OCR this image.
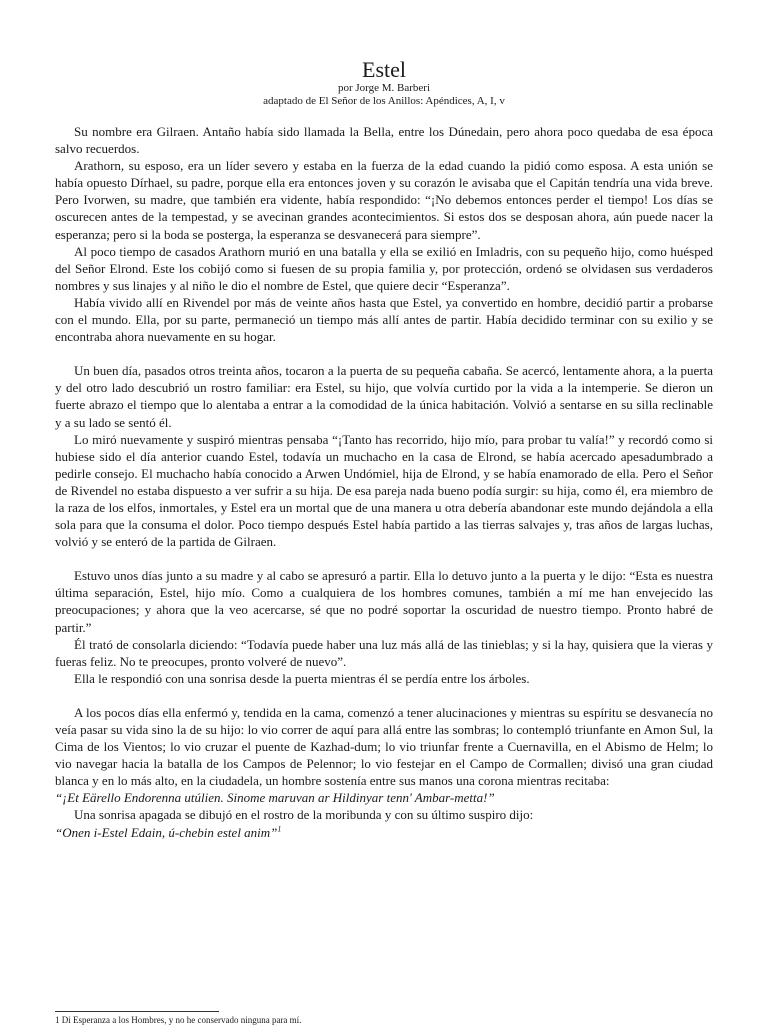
Estel
por Jorge M. Barberi
adaptado de El Señor de los Anillos: Apéndices, A, I, v

Su nombre era Gilraen. Antaño había sido llamada la Bella, entre los Dúnedain, pero ahora poco quedaba de esa época salvo recuerdos.

Arathorn, su esposo, era un líder severo y estaba en la fuerza de la edad cuando la pidió como esposa. A esta unión se había opuesto Dírhael, su padre, porque ella era entonces joven y su corazón le avisaba que el Capitán tendría una vida breve. Pero Ivorwen, su madre, que también era vidente, había respondido: “¡No debemos entonces perder el tiempo! Los días se oscurecen antes de la tempestad, y se avecinan grandes acontecimientos. Si estos dos se desposan ahora, aún puede nacer la esperanza; pero si la boda se posterga, la esperanza se desvanecerá para siempre”.

Al poco tiempo de casados Arathorn murió en una batalla y ella se exilió en Imladris, con su pequeño hijo, como huésped del Señor Elrond. Este los cobijó como si fuesen de su propia familia y, por protección, ordenó se olvidasen sus verdaderos nombres y sus linajes y al niño le dio el nombre de Estel, que quiere decir “Esperanza”.

Había vivido allí en Rivendel por más de veinte años hasta que Estel, ya convertido en hombre, decidió partir a probarse con el mundo. Ella, por su parte, permaneció un tiempo más allí antes de partir. Había decidido terminar con su exilio y se encontraba ahora nuevamente en su hogar.

Un buen día, pasados otros treinta años, tocaron a la puerta de su pequeña cabaña. Se acercó, lentamente ahora, a la puerta y del otro lado descubrió un rostro familiar: era Estel, su hijo, que volvía curtido por la vida a la intemperie. Se dieron un fuerte abrazo el tiempo que lo alentaba a entrar a la comodidad de la única habitación. Volvió a sentarse en su silla reclinable y a su lado se sentó él.

Lo miró nuevamente y suspiró mientras pensaba “¡Tanto has recorrido, hijo mío, para probar tu valía!” y recordó como si hubiese sido el día anterior cuando Estel, todavía un muchacho en la casa de Elrond, se había acercado apesadumbrado a pedirle consejo. El muchacho había conocido a Arwen Undómiel, hija de Elrond, y se había enamorado de ella. Pero el Señor de Rivendel no estaba dispuesto a ver sufrir a su hija. De esa pareja nada bueno podía surgir: su hija, como él, era miembro de la raza de los elfos, inmortales, y Estel era un mortal que de una manera u otra debería abandonar este mundo dejándola a ella sola para que la consuma el dolor. Poco tiempo después Estel había partido a las tierras salvajes y, tras años de largas luchas, volvió y se enteró de la partida de Gilraen.

Estuvo unos días junto a su madre y al cabo se apresuró a partir. Ella lo detuvo junto a la puerta y le dijo: “Esta es nuestra última separación, Estel, hijo mío. Como a cualquiera de los hombres comunes, también a mí me han envejecido las preocupaciones; y ahora que la veo acercarse, sé que no podré soportar la oscuridad de nuestro tiempo. Pronto habré de partir.”

Él trató de consolarla diciendo: “Todavía puede haber una luz más allá de las tinieblas; y si la hay, quisiera que la vieras y fueras feliz. No te preocupes, pronto volveré de nuevo”.

Ella le respondió con una sonrisa desde la puerta mientras él se perdía entre los árboles.

A los pocos días ella enfermó y, tendida en la cama, comenzó a tener alucinaciones y mientras su espíritu se desvanecía no veía pasar su vida sino la de su hijo: lo vio correr de aquí para allá entre las sombras; lo contempló triunfante en Amon Sul, la Cima de los Vientos; lo vio cruzar el puente de Kazhad-dum; lo vio triunfar frente a Cuernavilla, en el Abismo de Helm; lo vio navegar hacia la batalla de los Campos de Pelennor; lo vio festejar en el Campo de Cormallen; divisó una gran ciudad blanca y en lo más alto, en la ciudadela, un hombre sostenía entre sus manos una corona mientras recitaba:

“¡Et Eärello Endorenna utúlien. Sinome maruvan ar Hildinyar tenn' Ambar-metta!”

Una sonrisa apagada se dibujó en el rostro de la moribunda y con su último suspiro dijo:

“Onen i-Estel Edain, ú-chebin estel anim”$^1$

1 Di Esperanza a los Hombres, y no he conservado ninguna para mí.
